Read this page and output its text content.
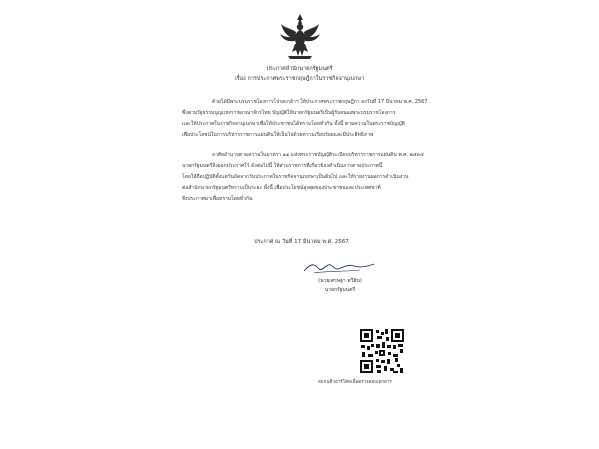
ประกาศสำนักนายกรัฐมนตรี
เรื่อง การประกาศพระราชกฤษฎีกาในราชกิจจานุเบกษา
ด้วยได้มีพระบรมราชโองการโปรดเกล้าฯ ให้ประกาศพระราชกฤษฎีกา ลงวันที่ 17 มีนาคม พ.ศ. 2567
ซึ่งตามรัฐธรรมนูญแห่งราชอาณาจักรไทย บัญญัติให้นายกรัฐมนตรีเป็นผู้รับสนองพระบรมราชโองการ
และให้ประกาศในราชกิจจานุเบกษาเพื่อให้ประชาชนได้ทราบโดยทั่วกัน ทั้งนี้ ตามความในพระราชบัญญัติ
เพื่อประโยชน์ในการบริหารราชการแผ่นดินให้เป็นไปด้วยความเรียบร้อยและมีประสิทธิภาพ
อาศัยอำนาจตามความในมาตรา ๑๑ แห่งพระราชบัญญัติระเบียบบริหารราชการแผ่นดิน พ.ศ. ๒๕๓๔
นายกรัฐมนตรีจึงออกประกาศไว้ ดังต่อไปนี้ ให้ส่วนราชการที่เกี่ยวข้องดำเนินการตามประกาศนี้
โดยให้ถือปฏิบัติตั้งแต่วันถัดจากวันประกาศในราชกิจจานุเบกษาเป็นต้นไป และให้รายงานผลการดำเนินงาน
ต่อสำนักนายกรัฐมนตรีทราบเป็นระยะ ทั้งนี้ เพื่อประโยชน์สูงสุดของประชาชนและประเทศชาติ
จึงประกาศมาเพื่อทราบโดยทั่วกัน
ประกาศ ณ วันที่ 17 มีนาคม พ.ศ. 2567
(นายเศรษฐา ทวีสิน)
นายกรัฐมนตรี
สแกนคิวอาร์โค้ดเพื่อตรวจสอบเอกสาร
